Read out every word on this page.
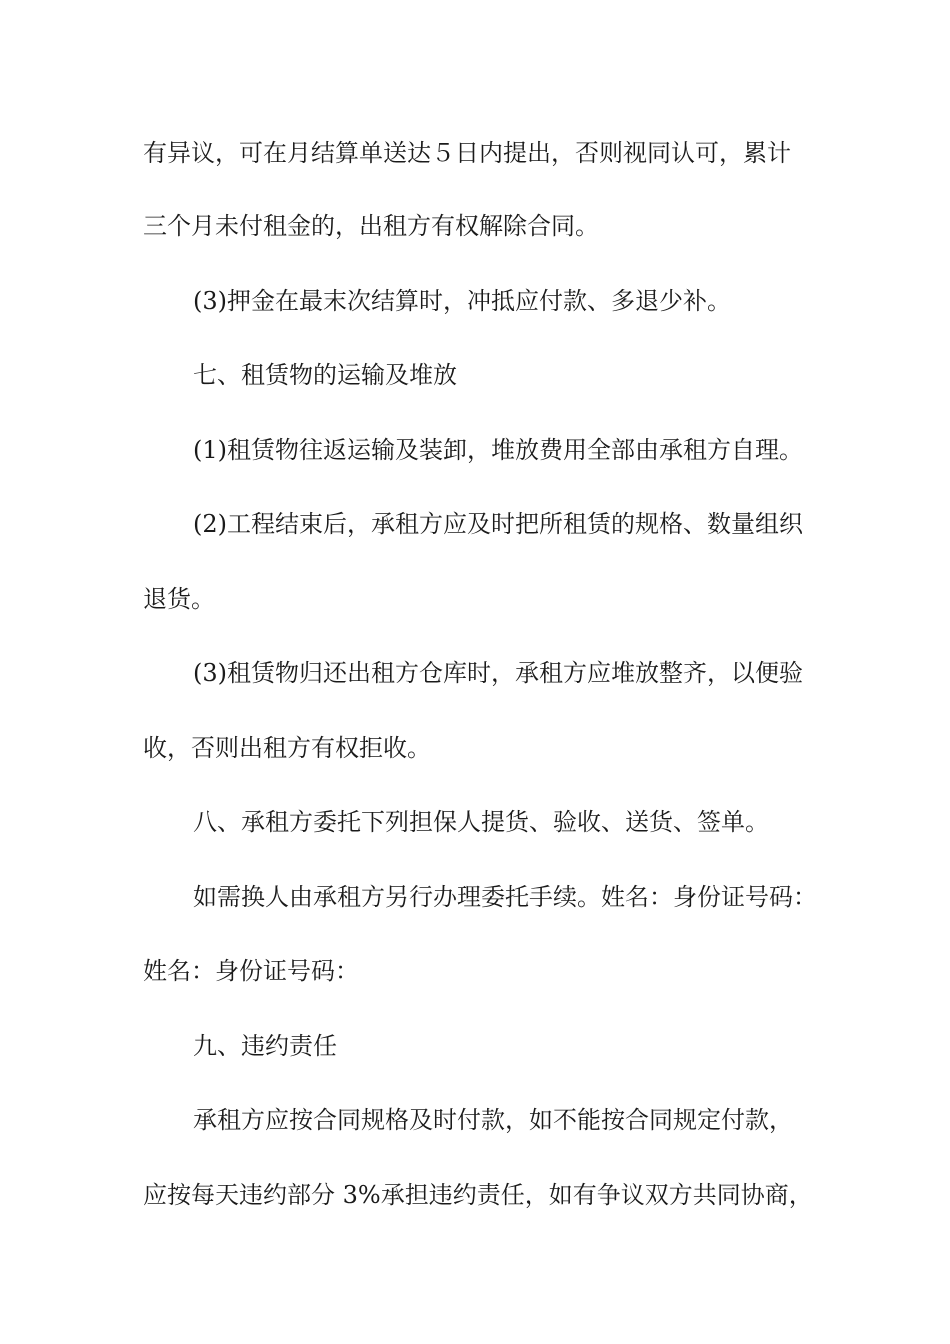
有异议，可在月结算单送达５日内提出，否则视同认可，累计
三个月未付租金的，出租方有权解除合同。
(3)押金在最末次结算时，冲抵应付款、多退少补。
七、租赁物的运输及堆放
(1)租赁物往返运输及装卸，堆放费用全部由承租方自理。
(2)工程结束后，承租方应及时把所租赁的规格、数量组织
退货。
(3)租赁物归还出租方仓库时，承租方应堆放整齐，以便验
收，否则出租方有权拒收。
八、承租方委托下列担保人提货、验收、送货、签单。
如需换人由承租方另行办理委托手续。姓名：身份证号码：
姓名：身份证号码：
九、违约责任
承租方应按合同规格及时付款，如不能按合同规定付款，
应按每天违约部分 3%承担违约责任，如有争议双方共同协商，
